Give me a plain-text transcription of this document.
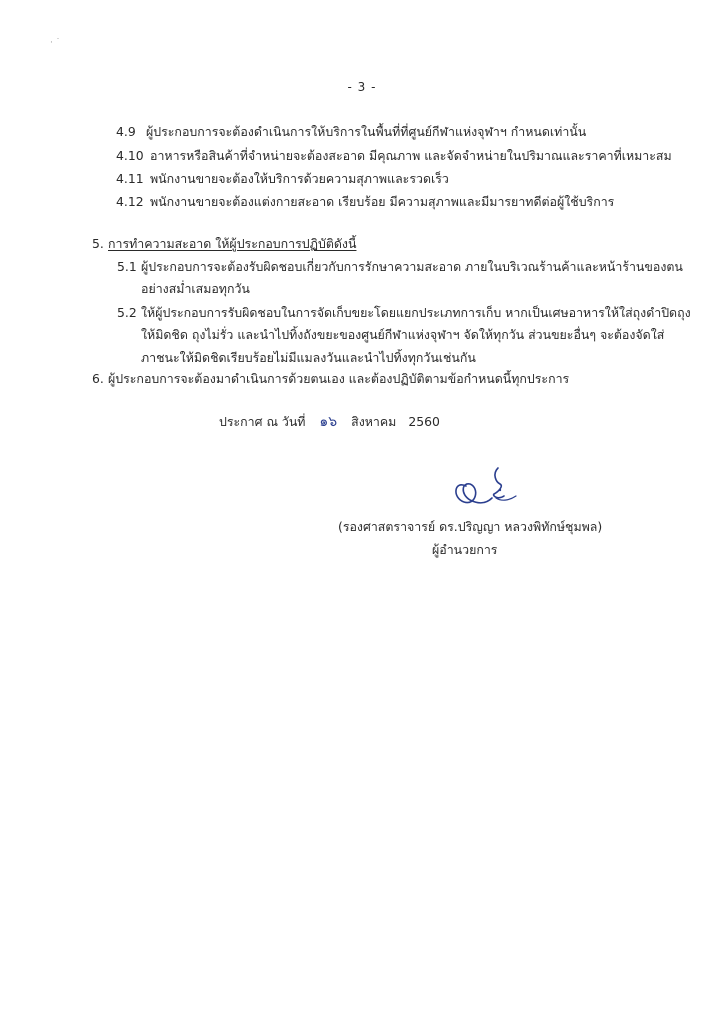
· ˙
- 3 -
4.9 ผู้ประกอบการจะต้องดำเนินการให้บริการในพื้นที่ที่ศูนย์กีฬาแห่งจุฬาฯ กำหนดเท่านั้น
4.10 อาหารหรือสินค้าที่จำหน่ายจะต้องสะอาด มีคุณภาพ และจัดจำหน่ายในปริมาณและราคาที่เหมาะสม
4.11 พนักงานขายจะต้องให้บริการด้วยความสุภาพและรวดเร็ว
4.12 พนักงานขายจะต้องแต่งกายสะอาด เรียบร้อย มีความสุภาพและมีมารยาทดีต่อผู้ใช้บริการ
5. การทำความสะอาด ให้ผู้ประกอบการปฏิบัติดังนี้
5.1 ผู้ประกอบการจะต้องรับผิดชอบเกี่ยวกับการรักษาความสะอาด ภายในบริเวณร้านค้าและหน้าร้านของตน
อย่างสม่ำเสมอทุกวัน
5.2 ให้ผู้ประกอบการรับผิดชอบในการจัดเก็บขยะโดยแยกประเภทการเก็บ หากเป็นเศษอาหารให้ใส่ถุงดำปิดถุง
ให้มิดชิด ถุงไม่รั่ว และนำไปทิ้งถังขยะของศูนย์กีฬาแห่งจุฬาฯ จัดให้ทุกวัน ส่วนขยะอื่นๆ จะต้องจัดใส่
ภาชนะให้มิดชิดเรียบร้อยไม่มีแมลงวันและนำไปทิ้งทุกวันเช่นกัน
6. ผู้ประกอบการจะต้องมาดำเนินการด้วยตนเอง และต้องปฏิบัติตามข้อกำหนดนี้ทุกประการ
ประกาศ ณ วันที่ ๑๖ สิงหาคม 2560
(รองศาสตราจารย์ ดร.ปริญญา หลวงพิทักษ์ชุมพล)
ผู้อำนวยการ
